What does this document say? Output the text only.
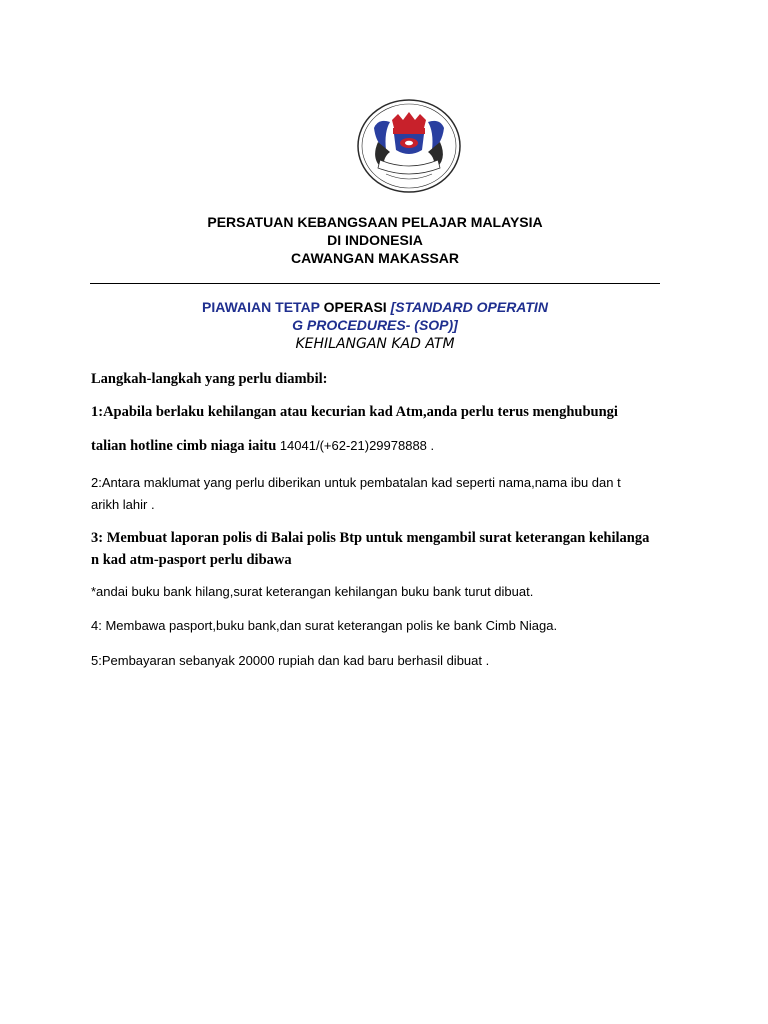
PERSATUAN KEBANGSAAN PELAJAR MALAYSIA
DI INDONESIA
CAWANGAN MAKASSAR
PIAWAIAN TETAP OPERASI [STANDARD OPERATIN
G PROCEDURES- (SOP)]
KEHILANGAN KAD ATM
Langkah-langkah yang perlu diambil:
1:Apabila berlaku kehilangan atau kecurian kad Atm,anda perlu terus menghubungi
talian hotline cimb niaga iaitu 14041/(+62-21)29978888 .
2:Antara maklumat yang perlu diberikan untuk pembatalan kad seperti nama,nama ibu dan t
arikh lahir .
3: Membuat laporan polis di Balai polis Btp untuk mengambil surat keterangan kehilanga
n kad atm-pasport perlu dibawa
*andai buku bank hilang,surat keterangan kehilangan buku bank turut dibuat.
4: Membawa pasport,buku bank,dan surat keterangan polis ke bank Cimb Niaga.
5:Pembayaran sebanyak 20000 rupiah dan kad baru berhasil dibuat .
